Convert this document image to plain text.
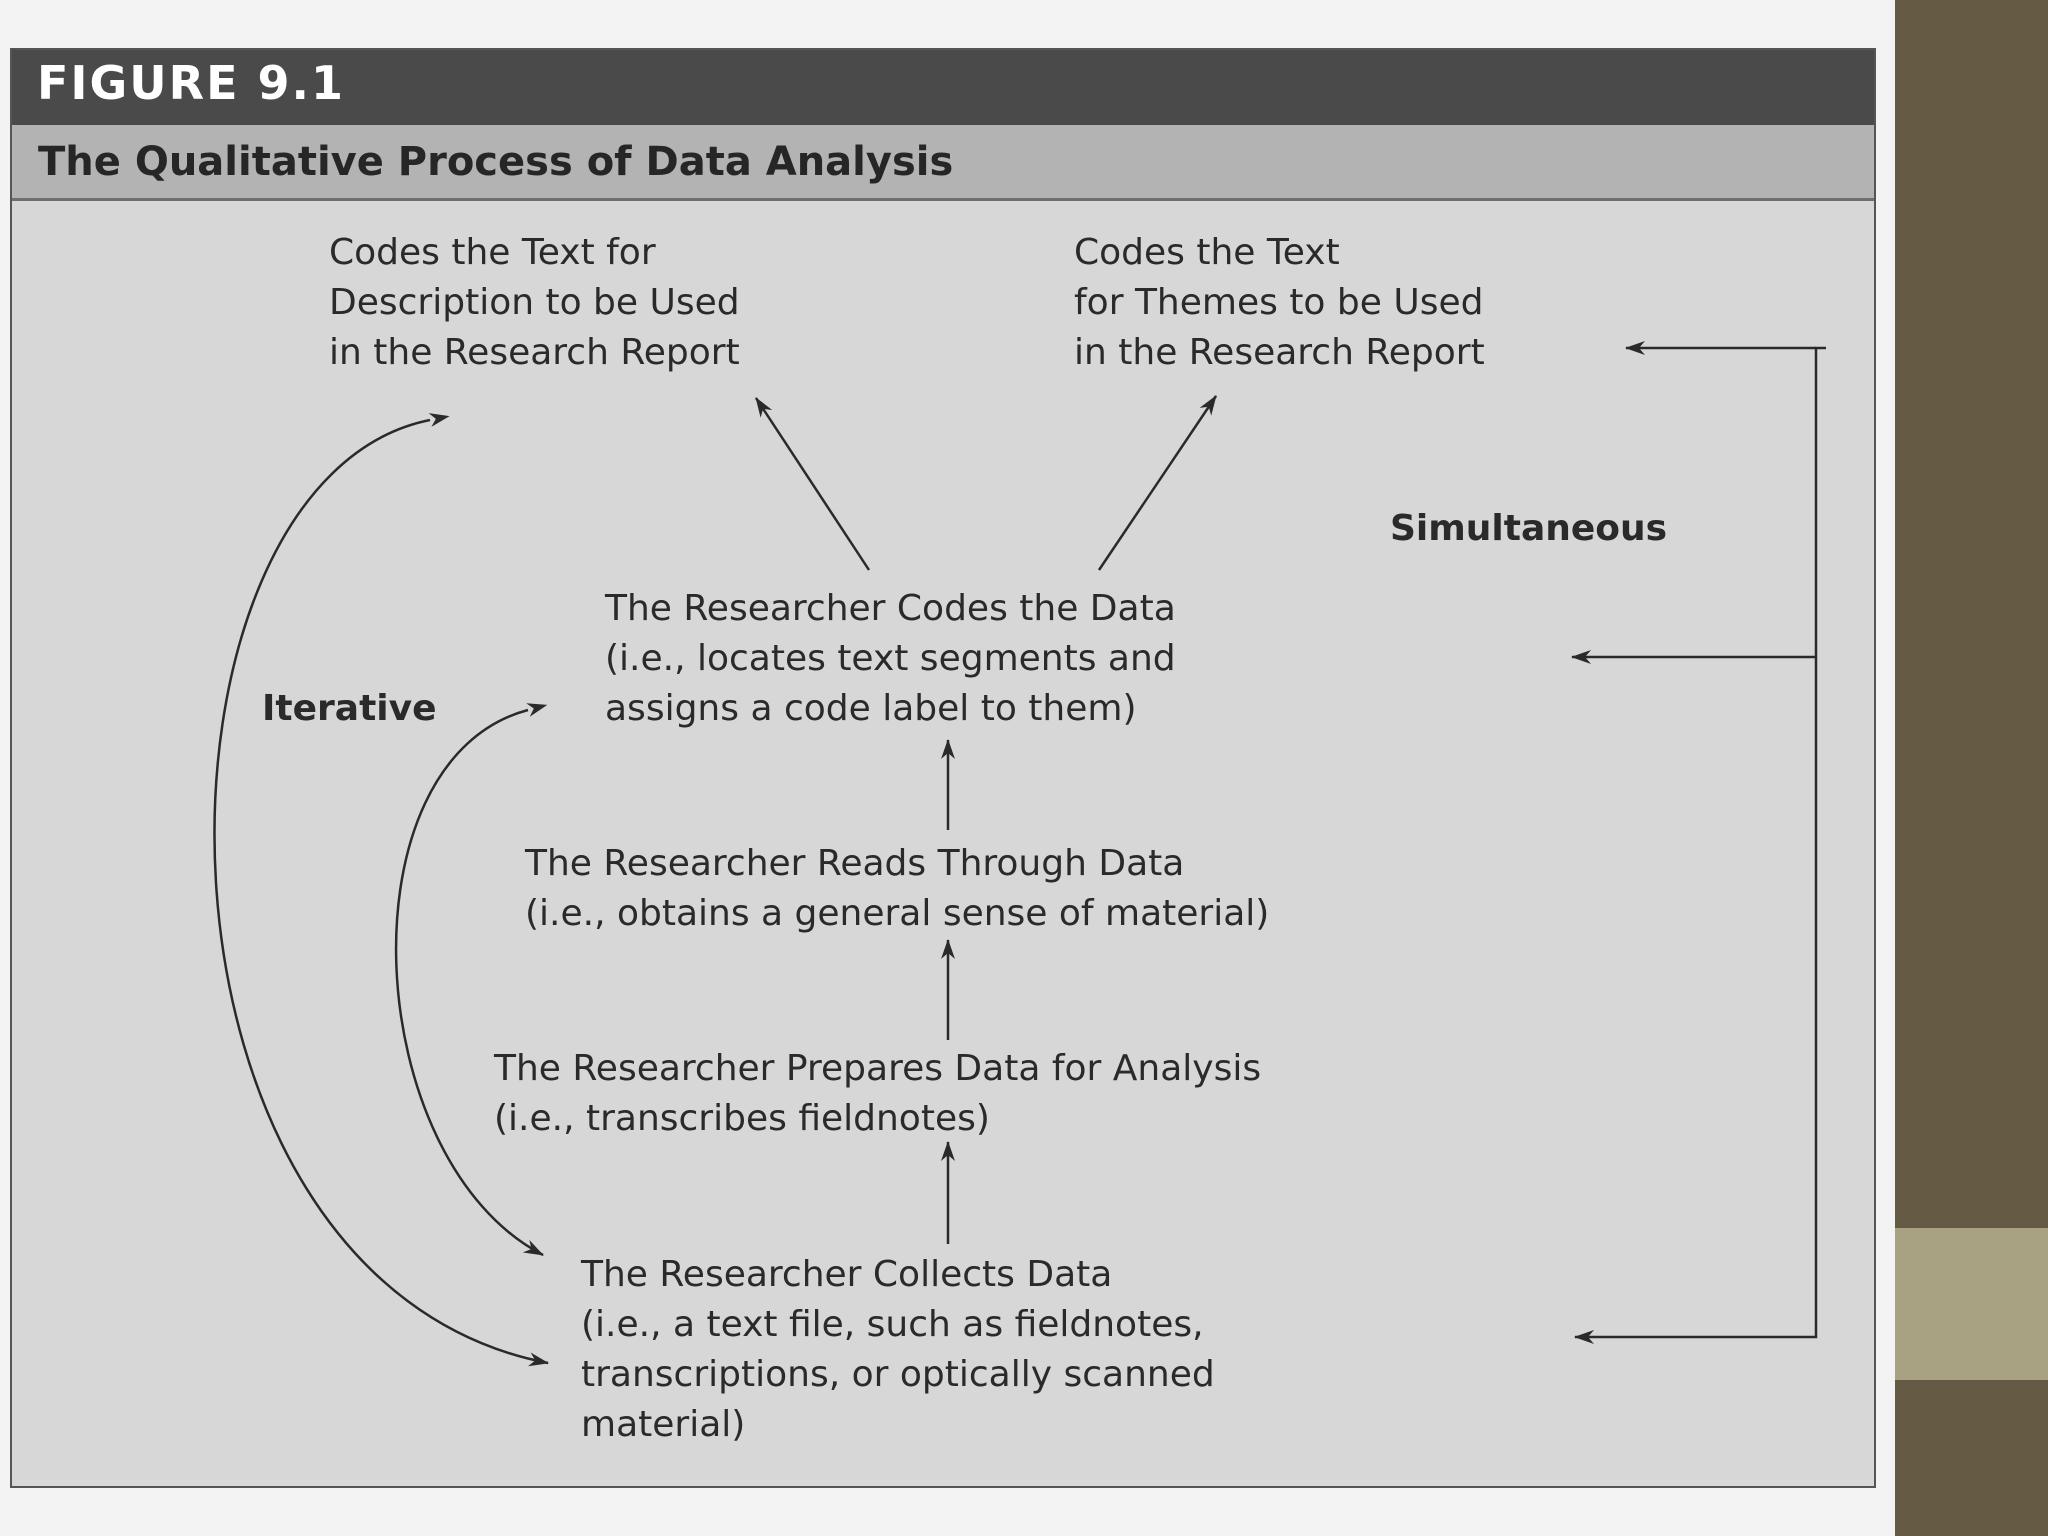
FIGURE 9.1
The Qualitative Process of Data Analysis
Codes the Text for Description to be Used in the Research Report
Codes the Text for Themes to be Used in the Research Report
The Researcher Codes the Data (i.e., locates text segments and assigns a code label to them)
The Researcher Reads Through Data (i.e., obtains a general sense of material)
The Researcher Prepares Data for Analysis (i.e., transcribes fieldnotes)
The Researcher Collects Data (i.e., a text file, such as fieldnotes, transcriptions, or optically scanned material)
Iterative
Simultaneous
